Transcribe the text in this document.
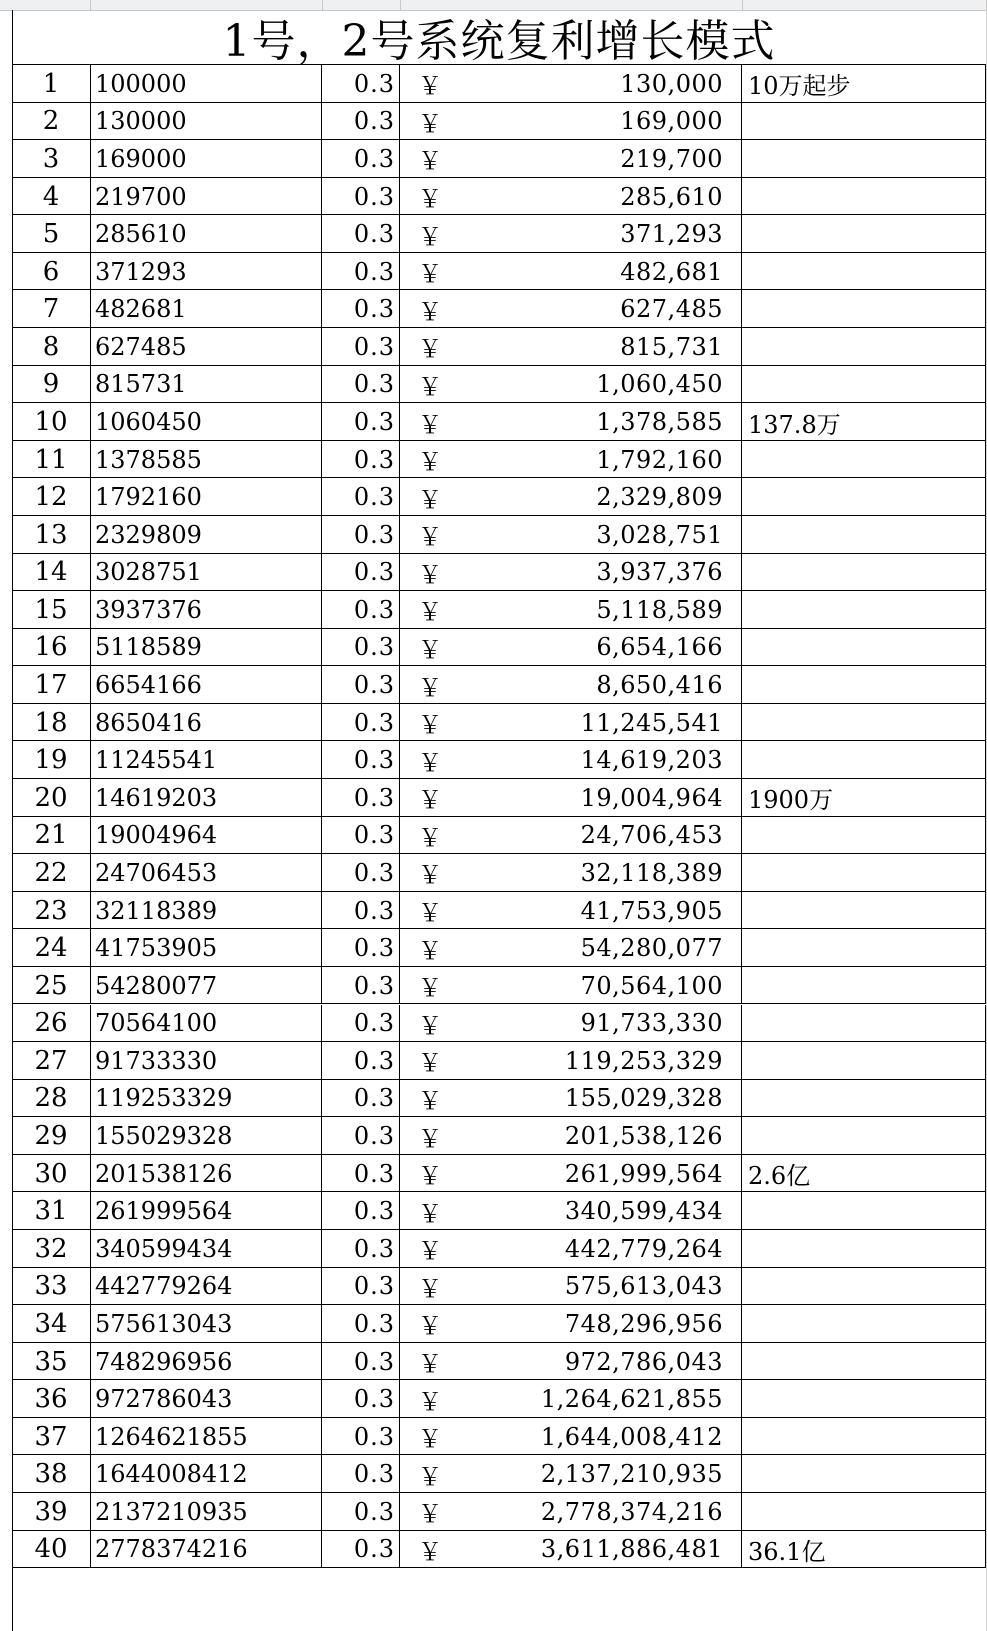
1号，2号系统复利增长模式
1 100000	0.3 ￥	130,000 10万起步
2 130000	0.3 ￥	169,000
3 169000	0.3 ￥	219,700
4 219700	0.3 ￥	285,610
5 285610	0.3 ￥	371,293
6 371293	0.3 ￥	482,681
7 482681	0.3 ￥	627,485
8 627485	0.3 ￥	815,731
9 815731	0.3 ￥	1,060,450
10 1060450	0.3 ￥	1,378,585 137.8万
11 1378585	0.3 ￥	1,792,160
12 1792160	0.3 ￥	2,329,809
13 2329809	0.3 ￥	3,028,751
14 3028751	0.3 ￥	3,937,376
15 3937376	0.3 ￥	5,118,589
16 5118589	0.3 ￥	6,654,166
17 6654166	0.3 ￥	8,650,416
18 8650416	0.3 ￥	11,245,541
19 11245541	0.3 ￥	14,619,203
20 14619203	0.3 ￥	19,004,964 1900万
21 19004964	0.3 ￥	24,706,453
22 24706453	0.3 ￥	32,118,389
23 32118389	0.3 ￥	41,753,905
24 41753905	0.3 ￥	54,280,077
25 54280077	0.3 ￥	70,564,100
26 70564100	0.3 ￥	91,733,330
27 91733330	0.3 ￥	119,253,329
28 119253329	0.3 ￥	155,029,328
29 155029328	0.3 ￥	201,538,126
30 201538126	0.3 ￥	261,999,564 2.6亿
31 261999564	0.3 ￥	340,599,434
32 340599434	0.3 ￥	442,779,264
33 442779264	0.3 ￥	575,613,043
34 575613043	0.3 ￥	748,296,956
35 748296956	0.3 ￥	972,786,043
36 972786043	0.3 ￥	1,264,621,855
37 1264621855	0.3 ￥	1,644,008,412
38 1644008412	0.3 ￥	2,137,210,935
39 2137210935	0.3 ￥	2,778,374,216
40 2778374216	0.3 ￥	3,611,886,481 36.1亿
